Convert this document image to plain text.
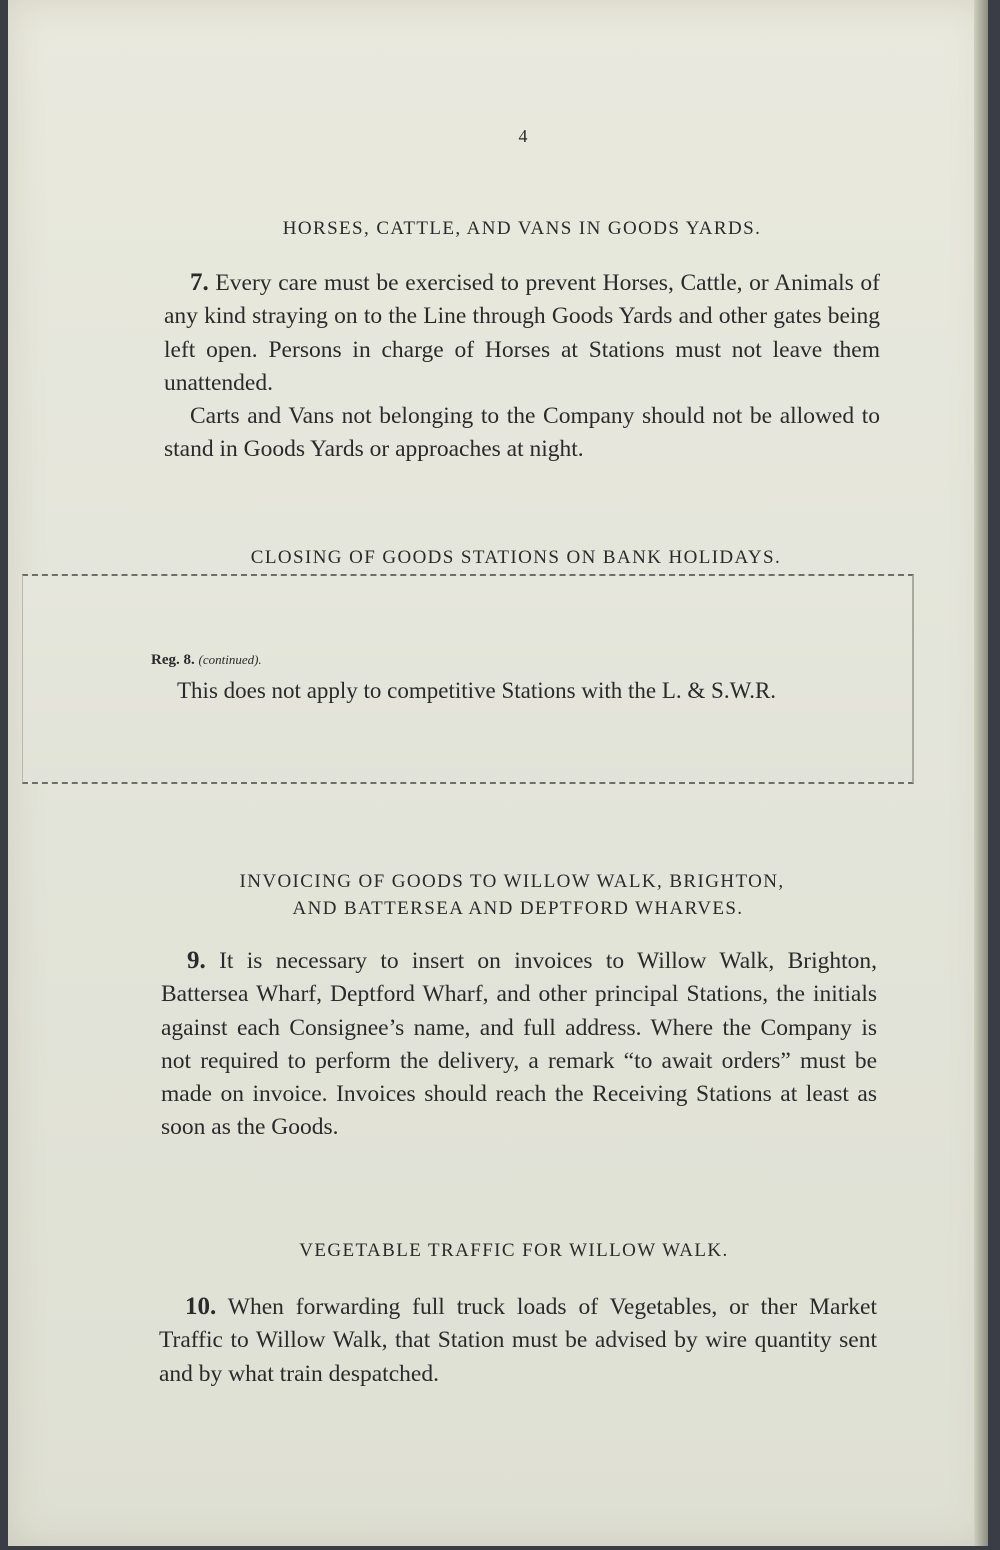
4
HORSES, CATTLE, AND VANS IN GOODS YARDS.

7. Every care must be exercised to prevent Horses, Cattle, or Animals of any kind straying on to the Line through Goods Yards and other gates being left open. Persons in charge of Horses at Stations must not leave them unattended.

Carts and Vans not belonging to the Company should not be allowed to stand in Goods Yards or approaches at night.

CLOSING OF GOODS STATIONS ON BANK HOLIDAYS.
Reg. 8. (continued).
This does not apply to competitive Stations with the L. & S.W.R.
INVOICING OF GOODS TO WILLOW WALK, BRIGHTON,
AND BATTERSEA AND DEPTFORD WHARVES.

9. It is necessary to insert on invoices to Willow Walk, Brighton, Battersea Wharf, Deptford Wharf, and other principal Stations, the initials against each Consignee’s name, and full address. Where the Company is not required to perform the delivery, a remark “to await orders” must be made on invoice. Invoices should reach the Receiving Stations at least as soon as the Goods.

VEGETABLE TRAFFIC FOR WILLOW WALK.

10. When forwarding full truck loads of Vegetables, or ther Market Traffic to Willow Walk, that Station must be advised by wire quantity sent and by what train despatched.
